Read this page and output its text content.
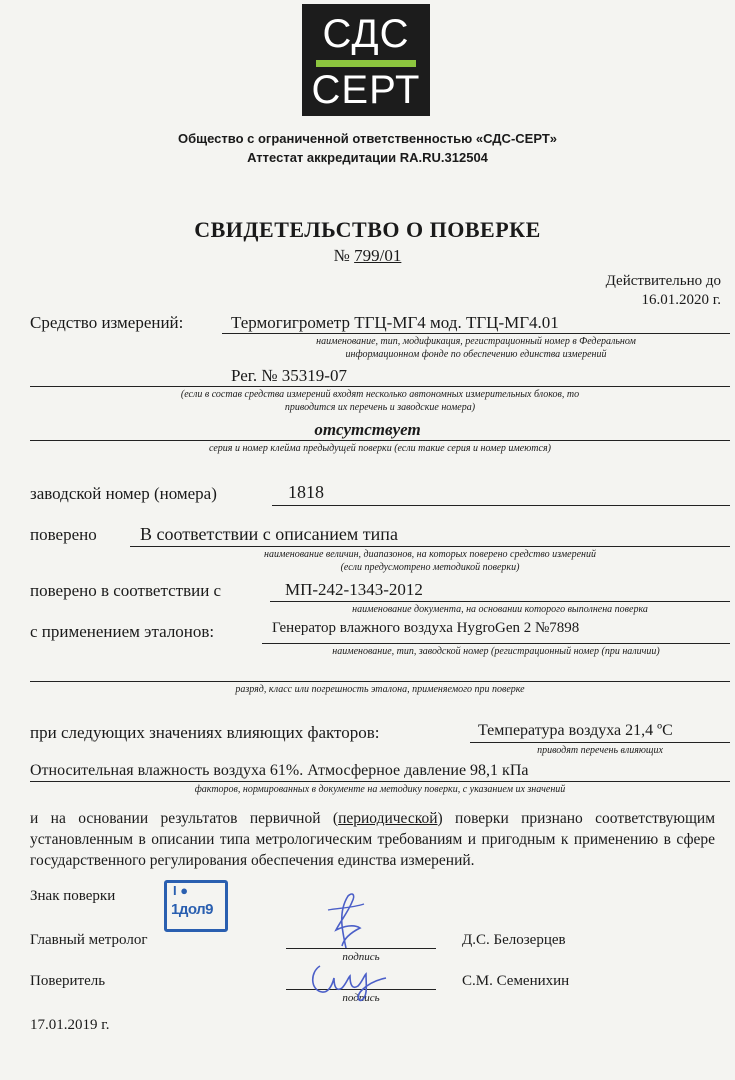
СДС
СЕРТ
Общество с ограниченной ответственностью «СДС-СЕРТ»
Аттестат аккредитации RA.RU.312504
СВИДЕТЕЛЬСТВО О ПОВЕРКЕ
№ 799/01
Действительно до
16.01.2020 г.
Средство измерений:	Термогигрометр ТГЦ-МГ4 мод. ТГЦ-МГ4.01
наименование, тип, модификация, регистрационный номер в Федеральном
информационном фонде по обеспечению единства измерений
Рег. № 35319-07
(если в состав средства измерений входят несколько автономных измерительных блоков, то
приводится их перечень и заводские номера)
отсутствует
серия и номер клейма предыдущей поверки (если такие серия и номер имеются)
заводской номер (номера)	1818
поверено В соответствии с описанием типа
наименование величин, диапазонов, на которых поверено средство измерений
(если предусмотрено методикой поверки)
поверено в соответствии с	МП-242-1343-2012
наименование документа, на основании которого выполнена поверка
с применением эталонов:	Генератор влажного воздуха HygroGen 2 №7898
наименование, тип, заводской номер (регистрационный номер (при наличии)
разряд, класс или погрешность эталона, применяемого при поверке
при следующих значениях влияющих факторов:	Температура воздуха 21,4 ºС
приводят перечень влияющих
Относительная влажность воздуха 61%. Атмосферное давление 98,1 кПа
факторов, нормированных в документе на методику поверки, с указанием их значений
и на основании результатов первичной (периодической) поверки признано соответствующим установленным в описании типа метрологическим требованиям и пригодным к применению в сфере государственного регулирования обеспечения единства измерений.
Знак поверки	I ●
1дол9
Главный метролог
подпись
Д.С. Белозерцев
Поверитель
подпись
С.М. Семенихин
17.01.2019 г.
